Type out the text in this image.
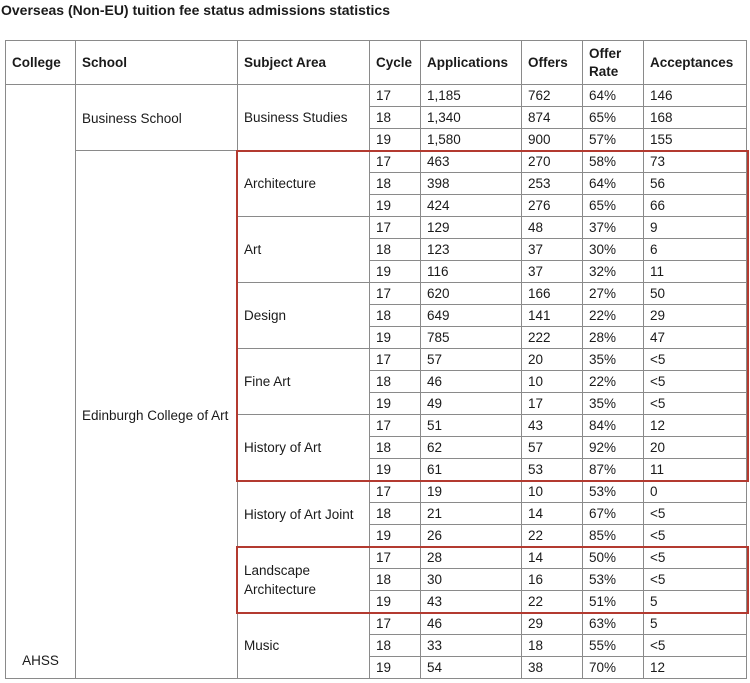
Overseas (Non-EU) tuition fee status admissions statistics
College	School	Subject Area	Cycle	Applications	Offers	Offer Rate	Acceptances
AHSS	Business School	Business Studies	17	1,185	762	64%	146
			18	1,340	874	65%	168
			19	1,580	900	57%	155
	Edinburgh College of Art	Architecture	17	463	270	58%	73
			18	398	253	64%	56
			19	424	276	65%	66
		Art	17	129	48	37%	9
			18	123	37	30%	6
			19	116	37	32%	11
		Design	17	620	166	27%	50
			18	649	141	22%	29
			19	785	222	28%	47
		Fine Art	17	57	20	35%	<5
			18	46	10	22%	<5
			19	49	17	35%	<5
		History of Art	17	51	43	84%	12
			18	62	57	92%	20
			19	61	53	87%	11
		History of Art Joint	17	19	10	53%	0
			18	21	14	67%	<5
			19	26	22	85%	<5
		Landscape Architecture	17	28	14	50%	<5
			18	30	16	53%	<5
			19	43	22	51%	5
		Music	17	46	29	63%	5
			18	33	18	55%	<5
			19	54	38	70%	12
